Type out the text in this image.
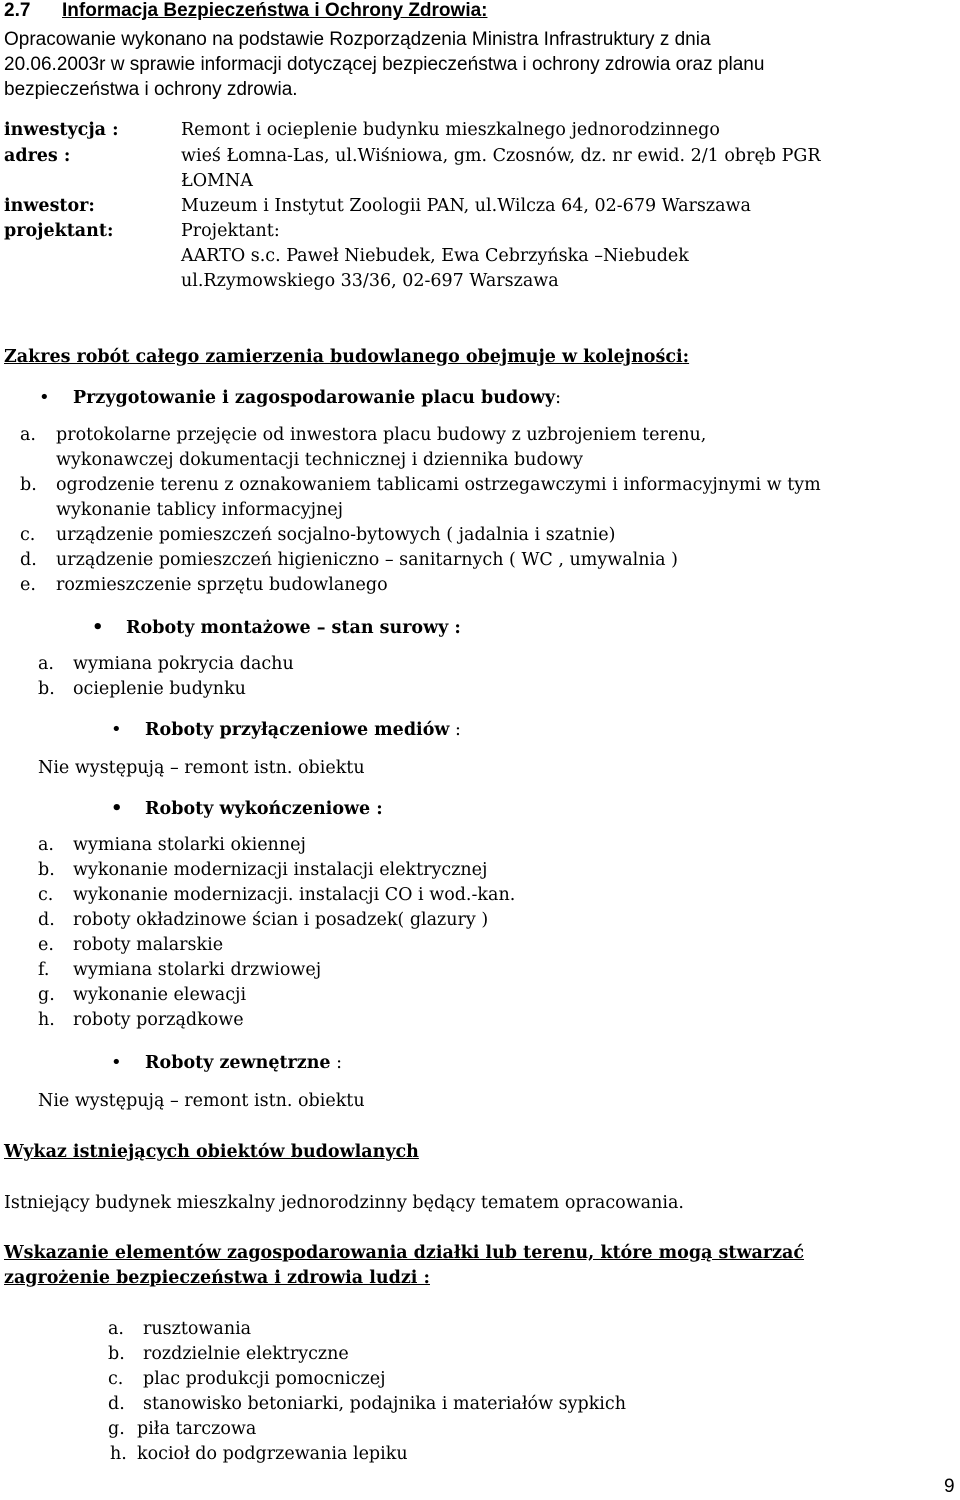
2.7 Informacja Bezpieczeństwa i Ochrony Zdrowia:
Opracowanie wykonano na podstawie Rozporządzenia Ministra Infrastruktury z dnia
20.06.2003r w sprawie informacji dotyczącej bezpieczeństwa i ochrony zdrowia oraz planu
bezpieczeństwa i ochrony zdrowia.
inwestycja :
adres :
inwestor:
projektant:
Remont i ocieplenie budynku mieszkalnego jednorodzinnego
wieś Łomna-Las, ul.Wiśniowa, gm. Czosnów, dz. nr ewid. 2/1 obręb PGR
ŁOMNA
Muzeum i Instytut Zoologii PAN, ul.Wilcza 64, 02-679 Warszawa
Projektant:
AARTO s.c. Paweł Niebudek, Ewa Cebrzyńska –Niebudek
ul.Rzymowskiego 33/36, 02-697 Warszawa
Zakres robót całego zamierzenia budowlanego obejmuje w kolejności:
• Przygotowanie i zagospodarowanie placu budowy:
a. protokolarne przejęcie od inwestora placu budowy z uzbrojeniem terenu,
wykonawczej dokumentacji technicznej i dziennika budowy
b. ogrodzenie terenu z oznakowaniem tablicami ostrzegawczymi i informacyjnymi w tym
wykonanie tablicy informacyjnej
c. urządzenie pomieszczeń socjalno-bytowych ( jadalnia i szatnie)
d. urządzenie pomieszczeń higieniczno – sanitarnych ( WC , umywalnia )
e. rozmieszczenie sprzętu budowlanego
• Roboty montażowe – stan surowy :
a. wymiana pokrycia dachu
b. ocieplenie budynku
• Roboty przyłączeniowe mediów :
Nie występują – remont istn. obiektu
• Roboty wykończeniowe :
a. wymiana stolarki okiennej
b. wykonanie modernizacji instalacji elektrycznej
c. wykonanie modernizacji. instalacji CO i wod.-kan.
d. roboty okładzinowe ścian i posadzek( glazury )
e. roboty malarskie
f. wymiana stolarki drzwiowej
g. wykonanie elewacji
h. roboty porządkowe
• Roboty zewnętrzne :
Nie występują – remont istn. obiektu
Wykaz istniejących obiektów budowlanych
Istniejący budynek mieszkalny jednorodzinny będący tematem opracowania.
Wskazanie elementów zagospodarowania działki lub terenu, które mogą stwarzać
zagrożenie bezpieczeństwa i zdrowia ludzi :
a. rusztowania
b. rozdzielnie elektryczne
c. plac produkcji pomocniczej
d. stanowisko betoniarki, podajnika i materiałów sypkich
g. piła tarczowa
h. kocioł do podgrzewania lepiku
9
